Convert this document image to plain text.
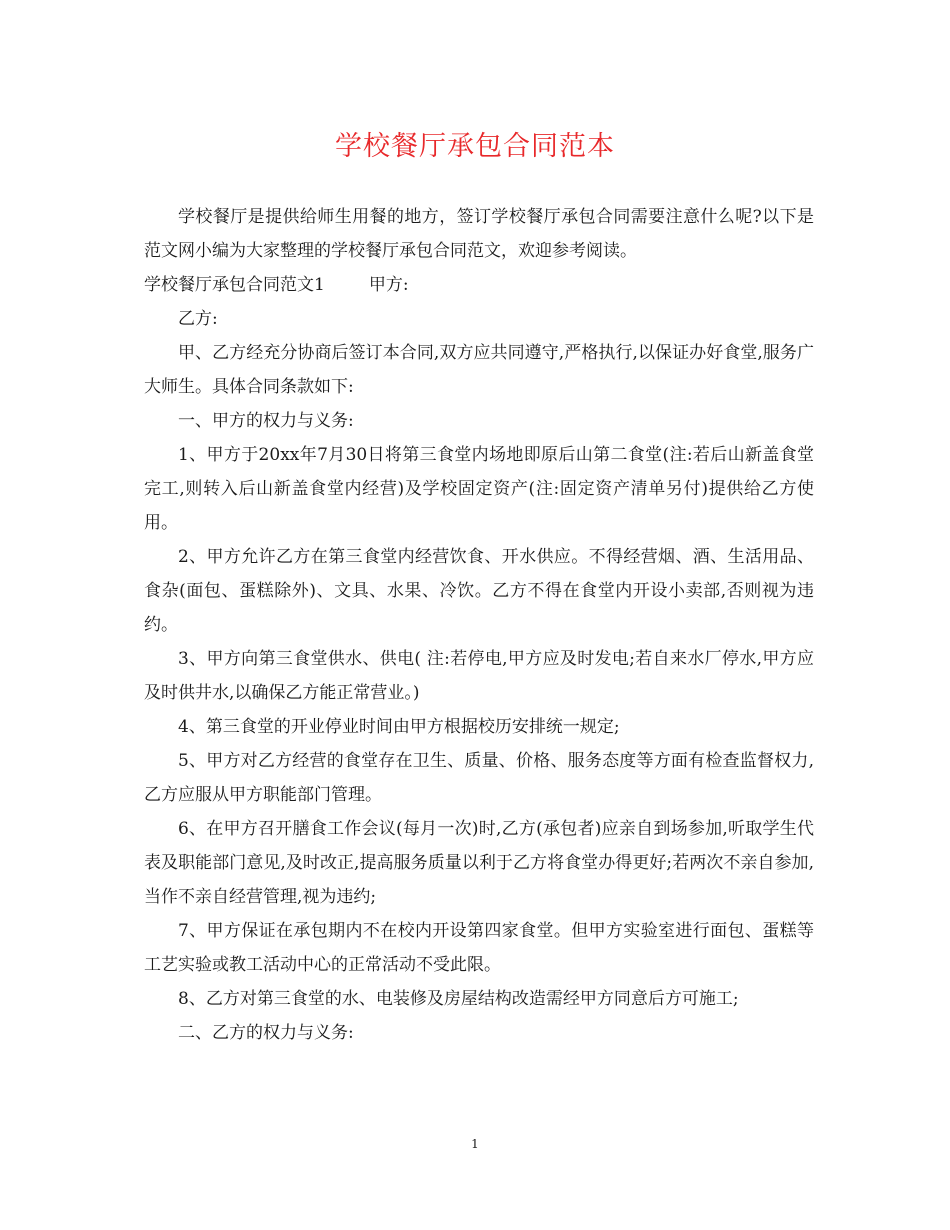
学校餐厅承包合同范本

学校餐厅是提供给师生用餐的地方，签订学校餐厅承包合同需要注意什么呢?以下是范文网小编为大家整理的学校餐厅承包合同范文，欢迎参考阅读。

学校餐厅承包合同范文1	甲方:

乙方:

甲、乙方经充分协商后签订本合同,双方应共同遵守,严格执行,以保证办好食堂,服务广大师生。具体合同条款如下:

一、甲方的权力与义务:

1、甲方于20xx年7月30日将第三食堂内场地即原后山第二食堂(注:若后山新盖食堂完工,则转入后山新盖食堂内经营)及学校固定资产(注:固定资产清单另付)提供给乙方使用。

2、甲方允许乙方在第三食堂内经营饮食、开水供应。不得经营烟、酒、生活用品、食杂(面包、蛋糕除外)、文具、水果、冷饮。乙方不得在食堂内开设小卖部,否则视为违约。

3、甲方向第三食堂供水、供电( 注:若停电,甲方应及时发电;若自来水厂停水,甲方应及时供井水,以确保乙方能正常营业。)

4、第三食堂的开业停业时间由甲方根据校历安排统一规定;

5、甲方对乙方经营的食堂存在卫生、质量、价格、服务态度等方面有检查监督权力,乙方应服从甲方职能部门管理。

6、在甲方召开膳食工作会议(每月一次)时,乙方(承包者)应亲自到场参加,听取学生代表及职能部门意见,及时改正,提高服务质量以利于乙方将食堂办得更好;若两次不亲自参加,当作不亲自经营管理,视为违约;

7、甲方保证在承包期内不在校内开设第四家食堂。但甲方实验室进行面包、蛋糕等工艺实验或教工活动中心的正常活动不受此限。

8、乙方对第三食堂的水、电装修及房屋结构改造需经甲方同意后方可施工;

二、乙方的权力与义务:

1
